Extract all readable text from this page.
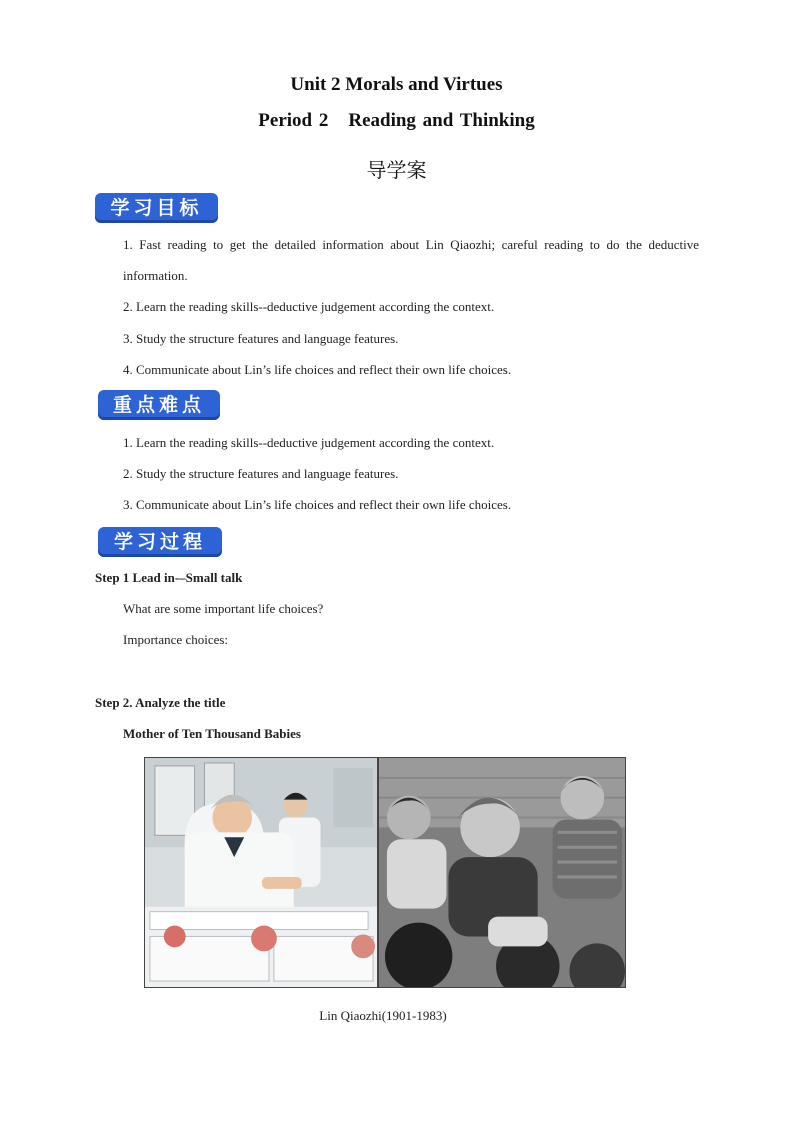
Unit 2 Morals and Virtues
Period 2 Reading and Thinking
导学案
学习目标
1. Fast reading to get the detailed information about Lin Qiaozhi; careful reading to do the deductive
information.
2. Learn the reading skills--deductive judgement according the context.
3. Study the structure features and language features.
4. Communicate about Lin’s life choices and reflect their own life choices.
重点难点
1. Learn the reading skills--deductive judgement according the context.
2. Study the structure features and language features.
3. Communicate about Lin’s life choices and reflect their own life choices.
学习过程
Step 1 Lead in-–Small talk
What are some important life choices?
Importance choices:
Step 2. Analyze the title
Mother of Ten Thousand Babies
Lin Qiaozhi(1901-1983)
